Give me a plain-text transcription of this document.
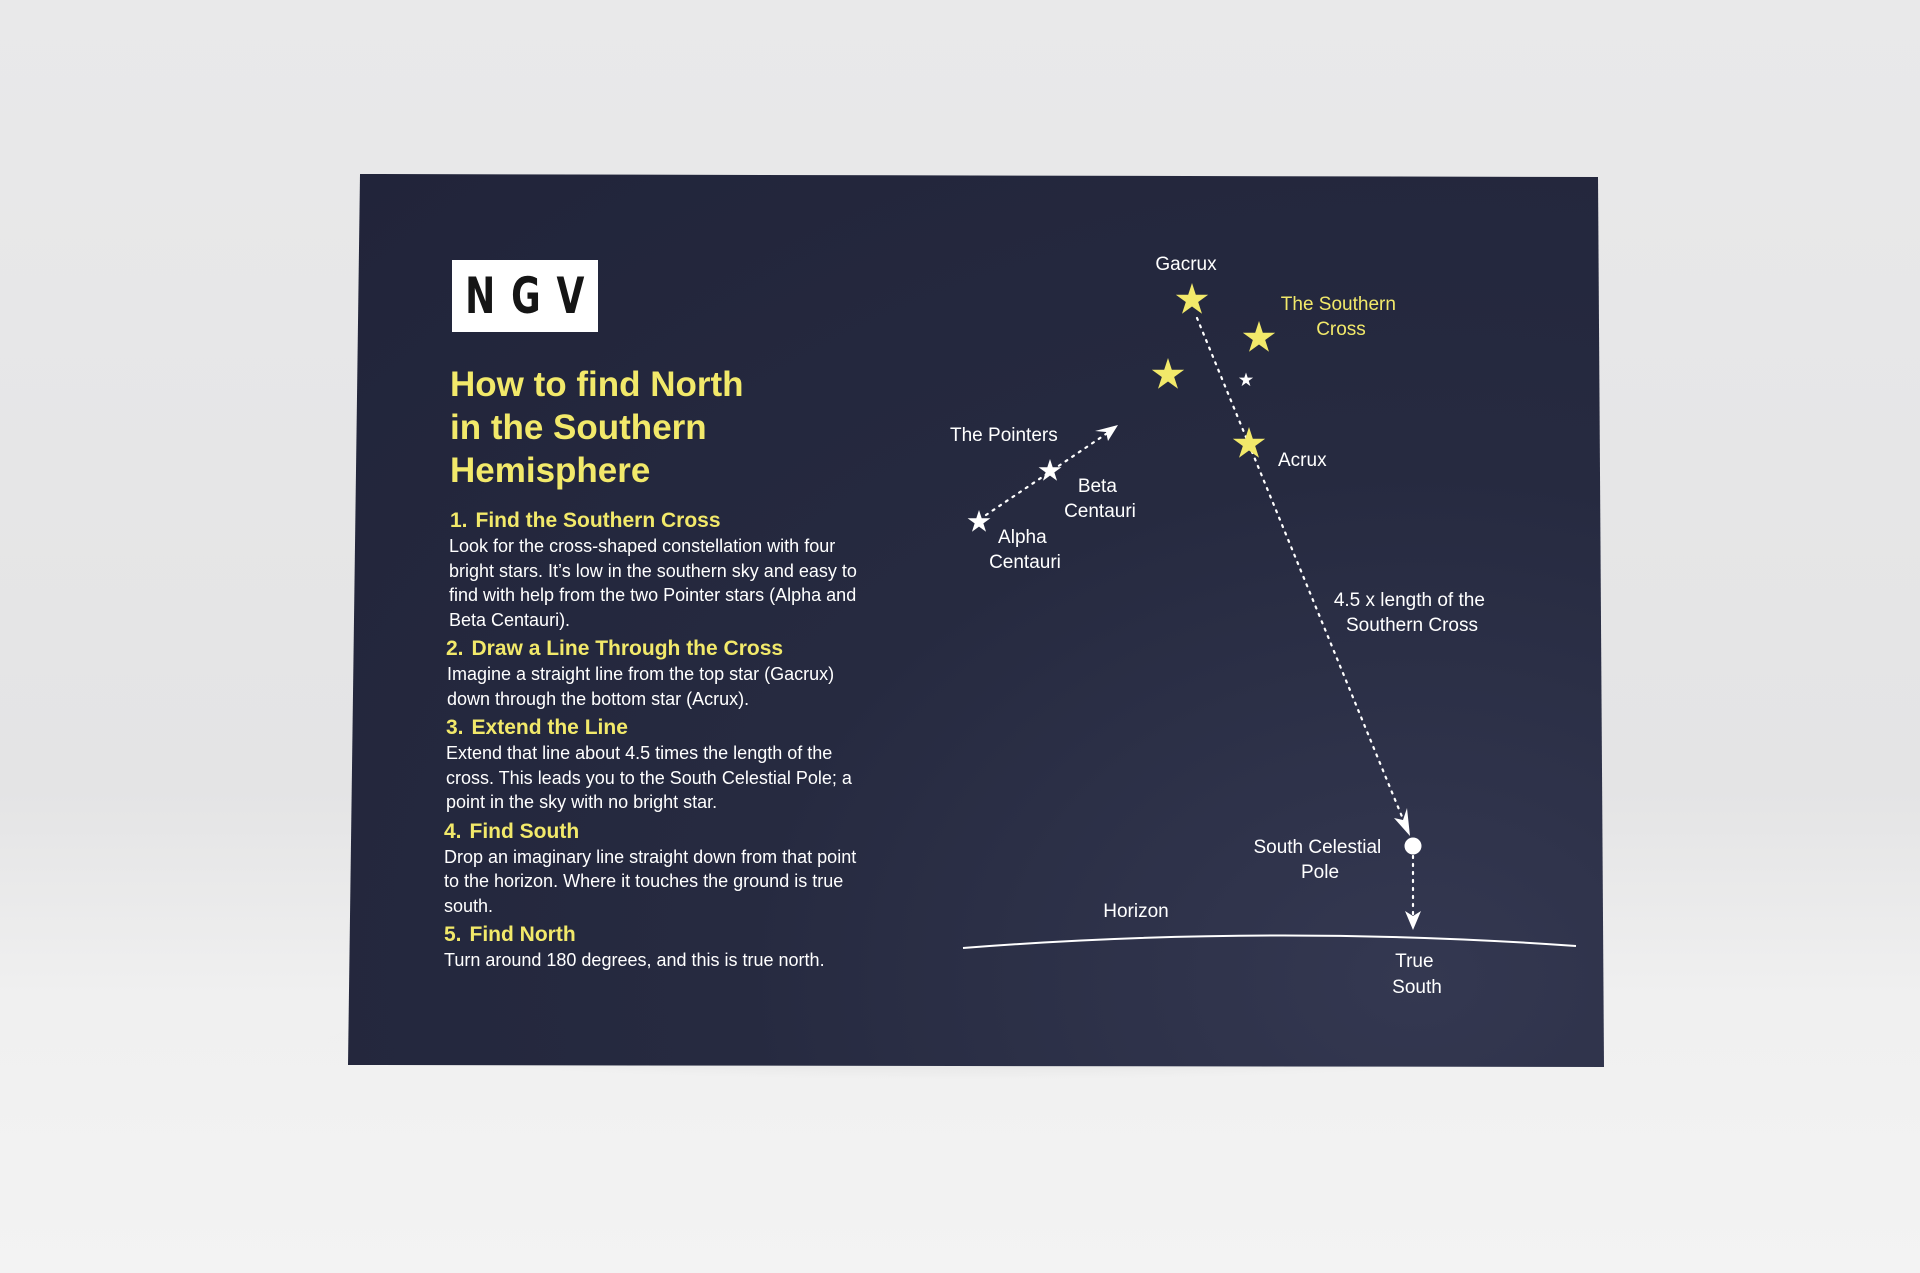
NGV
How to find North
in the Southern
Hemisphere
1. Find the Southern Cross
Look for the cross-shaped constellation with four bright stars. It’s low in the southern sky and easy to find with help from the two Pointer stars (Alpha and Beta Centauri).
2. Draw a Line Through the Cross
Imagine a straight line from the top star (Gacrux) down through the bottom star (Acrux).
3. Extend the Line
Extend that line about 4.5 times the length of the cross. This leads you to the South Celestial Pole; a point in the sky with no bright star.
4. Find South
Drop an imaginary line straight down from that point to the horizon. Where it touches the ground is true south.
5. Find North
Turn around 180 degrees, and this is true north.
Gacrux
The Southern Cross
Acrux
The Pointers
Beta Centauri
Alpha Centauri
4.5 x length of the Southern Cross
South Celestial Pole
Horizon
True South
